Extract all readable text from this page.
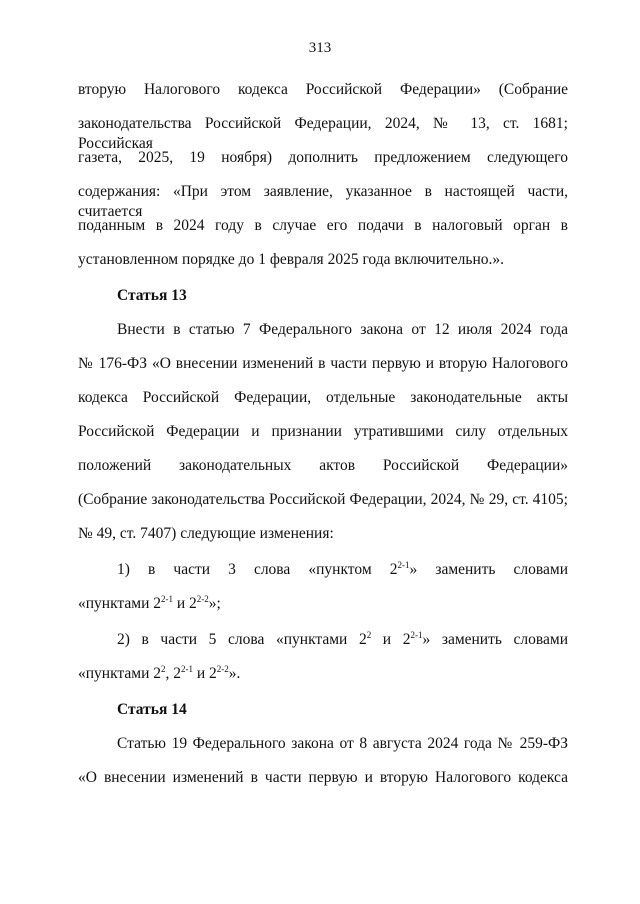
313
вторую Налогового кодекса Российской Федерации» (Собрание
законодательства Российской Федерации, 2024, № 13, ст. 1681; Российская
газета, 2025, 19 ноября) дополнить предложением следующего
содержания: «При этом заявление, указанное в настоящей части, считается
поданным в 2024 году в случае его подачи в налоговый орган в
установленном порядке до 1 февраля 2025 года включительно.».
Статья 13
Внести в статью 7 Федерального закона от 12 июля 2024 года
№ 176-ФЗ «О внесении изменений в части первую и вторую Налогового
кодекса Российской Федерации, отдельные законодательные акты
Российской Федерации и признании утратившими силу отдельных
положений законодательных актов Российской Федерации»
(Собрание законодательства Российской Федерации, 2024, № 29, ст. 4105;
№ 49, ст. 7407) следующие изменения:
1) в части 3 слова «пунктом 2$^{2-1}$» заменить словами
«пунктами 2$^{2-1}$ и 2$^{2-2}$»;
2) в части 5 слова «пунктами $2^2$ и 2$^{2-1}$» заменить словами
«пунктами $2^2$, 2$^{2-1}$ и 2$^{2-2}$».
Статья 14
Статью 19 Федерального закона от 8 августа 2024 года № 259-ФЗ
«О внесении изменений в части первую и вторую Налогового кодекса
